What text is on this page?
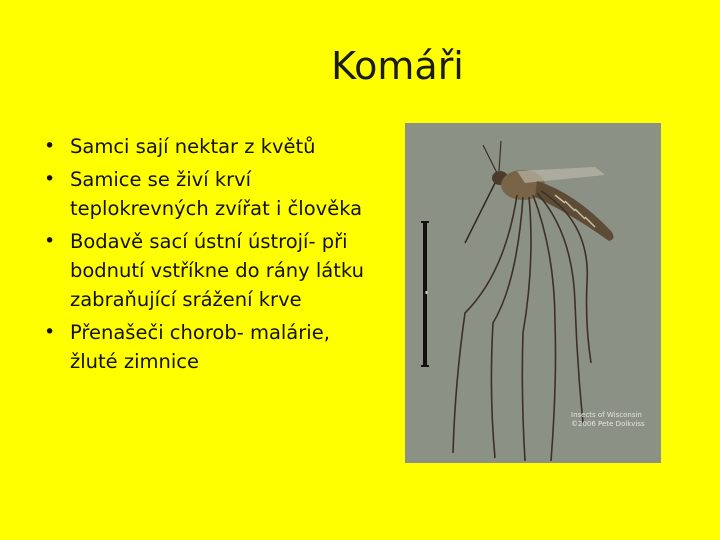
Komáři
• Samci sají nektar z květů
• Samice se živí krví teplokrevných zvířat i člověka
• Bodavě sací ústní ústrojí- při bodnutí vstříkne do rány látku zabraňující srážení krve
• Přenašeči chorob- malárie, žluté zimnice
Insects of Wisconsin
©2006 Pete Dolkviss
